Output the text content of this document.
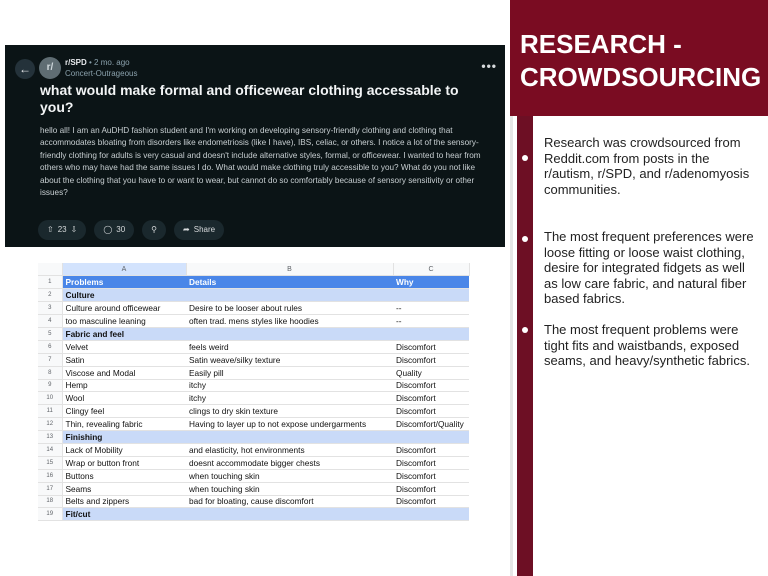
←	r/	r/SPD • 2 mo. ago
Concert-Outrageous
•••
what would make formal and officewear clothing accessable to you?
hello all! I am an AuDHD fashion student and I'm working on developing sensory-friendly clothing and clothing that accommodates bloating from disorders like endometriosis (like I have), IBS, celiac, or others. I notice a lot of the sensory-friendly clothing for adults is very casual and doesn't include alternative styles, formal, or officewear. I wanted to hear from others who may have had the same issues I do. What would make clothing truly accessible to you? What do you not like about the clothing that you have to or want to wear, but cannot do so comfortably because of sensory sensitivity or other issues?
⇧ 23 ⇩	◯ 30	⚲	➦ Share
	A	B	C
1	Problems	Details	Why
2	Culture		
3	Culture around officewear	Desire to be looser about rules	--
4	too masculine leaning	often trad. mens styles like hoodies	--
5	Fabric and feel		
6	Velvet	feels weird	Discomfort
7	Satin	Satin weave/silky texture	Discomfort
8	Viscose and Modal	Easily pill	Quality
9	Hemp	itchy	Discomfort
10	Wool	itchy	Discomfort
11	Clingy feel	clings to dry skin texture	Discomfort
12	Thin, revealing fabric	Having to layer up to not expose undergarments	Discomfort/Quality
13	Finishing		
14	Lack of Mobility	and elasticity, hot environments	Discomfort
15	Wrap or button front	doesnt accommodate bigger chests	Discomfort
16	Buttons	when touching skin	Discomfort
17	Seams	when touching skin	Discomfort
18	Belts and zippers	bad for bloating, cause discomfort	Discomfort
19	Fit/cut		
RESEARCH - CROWDSOURCING
Research was crowdsourced from Reddit.com from posts in the r/autism, r/SPD, and r/adenomyosis communities.
The most frequent preferences were loose fitting or loose waist clothing, desire for integrated fidgets as well as low care fabric, and natural fiber based fabrics.
The most frequent problems were tight fits and waistbands, exposed seams, and heavy/synthetic fabrics.
